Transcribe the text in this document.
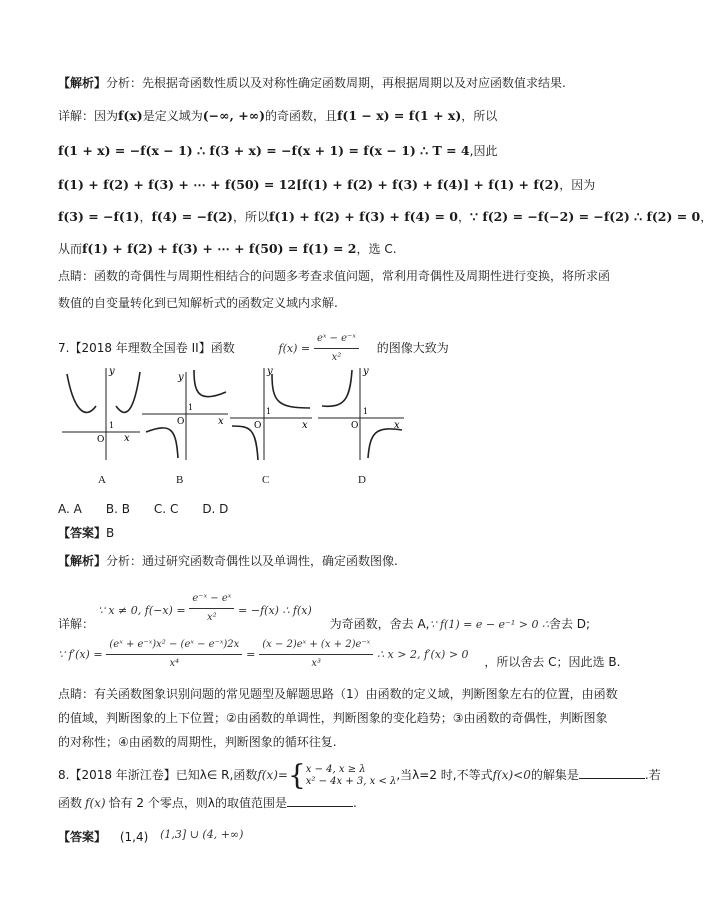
【解析】分析：先根据奇函数性质以及对称性确定函数周期，再根据周期以及对应函数值求结果.
详解：因为f(x)是定义域为(−∞, +∞)的奇函数，且f(1 − x) = f(1 + x)，所以
f(1 + x) = −f(x − 1) ∴ f(3 + x) = −f(x + 1) = f(x − 1) ∴ T = 4,因此
f(1) + f(2) + f(3) + ⋯ + f(50) = 12[f(1) + f(2) + f(3) + f(4)] + f(1) + f(2)，因为
f(3) = −f(1)，f(4) = −f(2)，所以f(1) + f(2) + f(3) + f(4) = 0，∵ f(2) = −f(−2) = −f(2) ∴ f(2) = 0，
从而f(1) + f(2) + f(3) + ⋯ + f(50) = f(1) = 2，选 C.
点睛：函数的奇偶性与周期性相结合的问题多考查求值问题，常利用奇偶性及周期性进行变换，将所求函
数值的自变量转化到已知解析式的函数定义域内求解.
7.【2018 年理数全国卷 II】函数	$f(x) = \frac{\text{eˣ − e⁻ˣ}}{\text{x²}}$ 的图像大致为
x
y
O
1	x
y
O
1
x
y
O
1
x
y
O
1
A	B	C	D
A. A　　B. B　　C. C　　D. D
【答案】B
【解析】分析：通过研究函数奇偶性以及单调性，确定函数图像.
详解： ∵ x ≠ 0, $f(-x) = \frac{\text{e⁻ˣ − eˣ}}{\text{x²}} = -f(x)$ ∴ f(x) 为奇函数，舍去 A,∵ f(1) = e − e⁻¹ > 0 ∴舍去 D;
∵ $f'(x) = \frac{\text{(eˣ + e⁻ˣ)x² − (eˣ − e⁻ˣ)2x}}{\text{x⁴}} = \frac{\text{(x − 2)eˣ + (x + 2)e⁻ˣ}}{\text{x³}}$ ∴ x > 2, f′(x) > 0 ，所以舍去 C；因此选 B.
点睛：有关函数图象识别问题的常见题型及解题思路（1）由函数的定义域，判断图象左右的位置，由函数
的值域，判断图象的上下位置；②由函数的单调性，判断图象的变化趋势；③由函数的奇偶性，判断图象
的对称性；④由函数的周期性，判断图象的循环往复.
8.【2018 年浙江卷】已知λ∈ R,函数f(x)={ x − 4, x ≥ λ
x² − 4x + 3, x < λ ,当λ=2 时,不等式f(x)<0的解集是	.若
函数 f(x) 恰有 2 个零点，则λ的取值范围是	.
【答案】 (1,4) (1,3] ∪ (4, +∞)
